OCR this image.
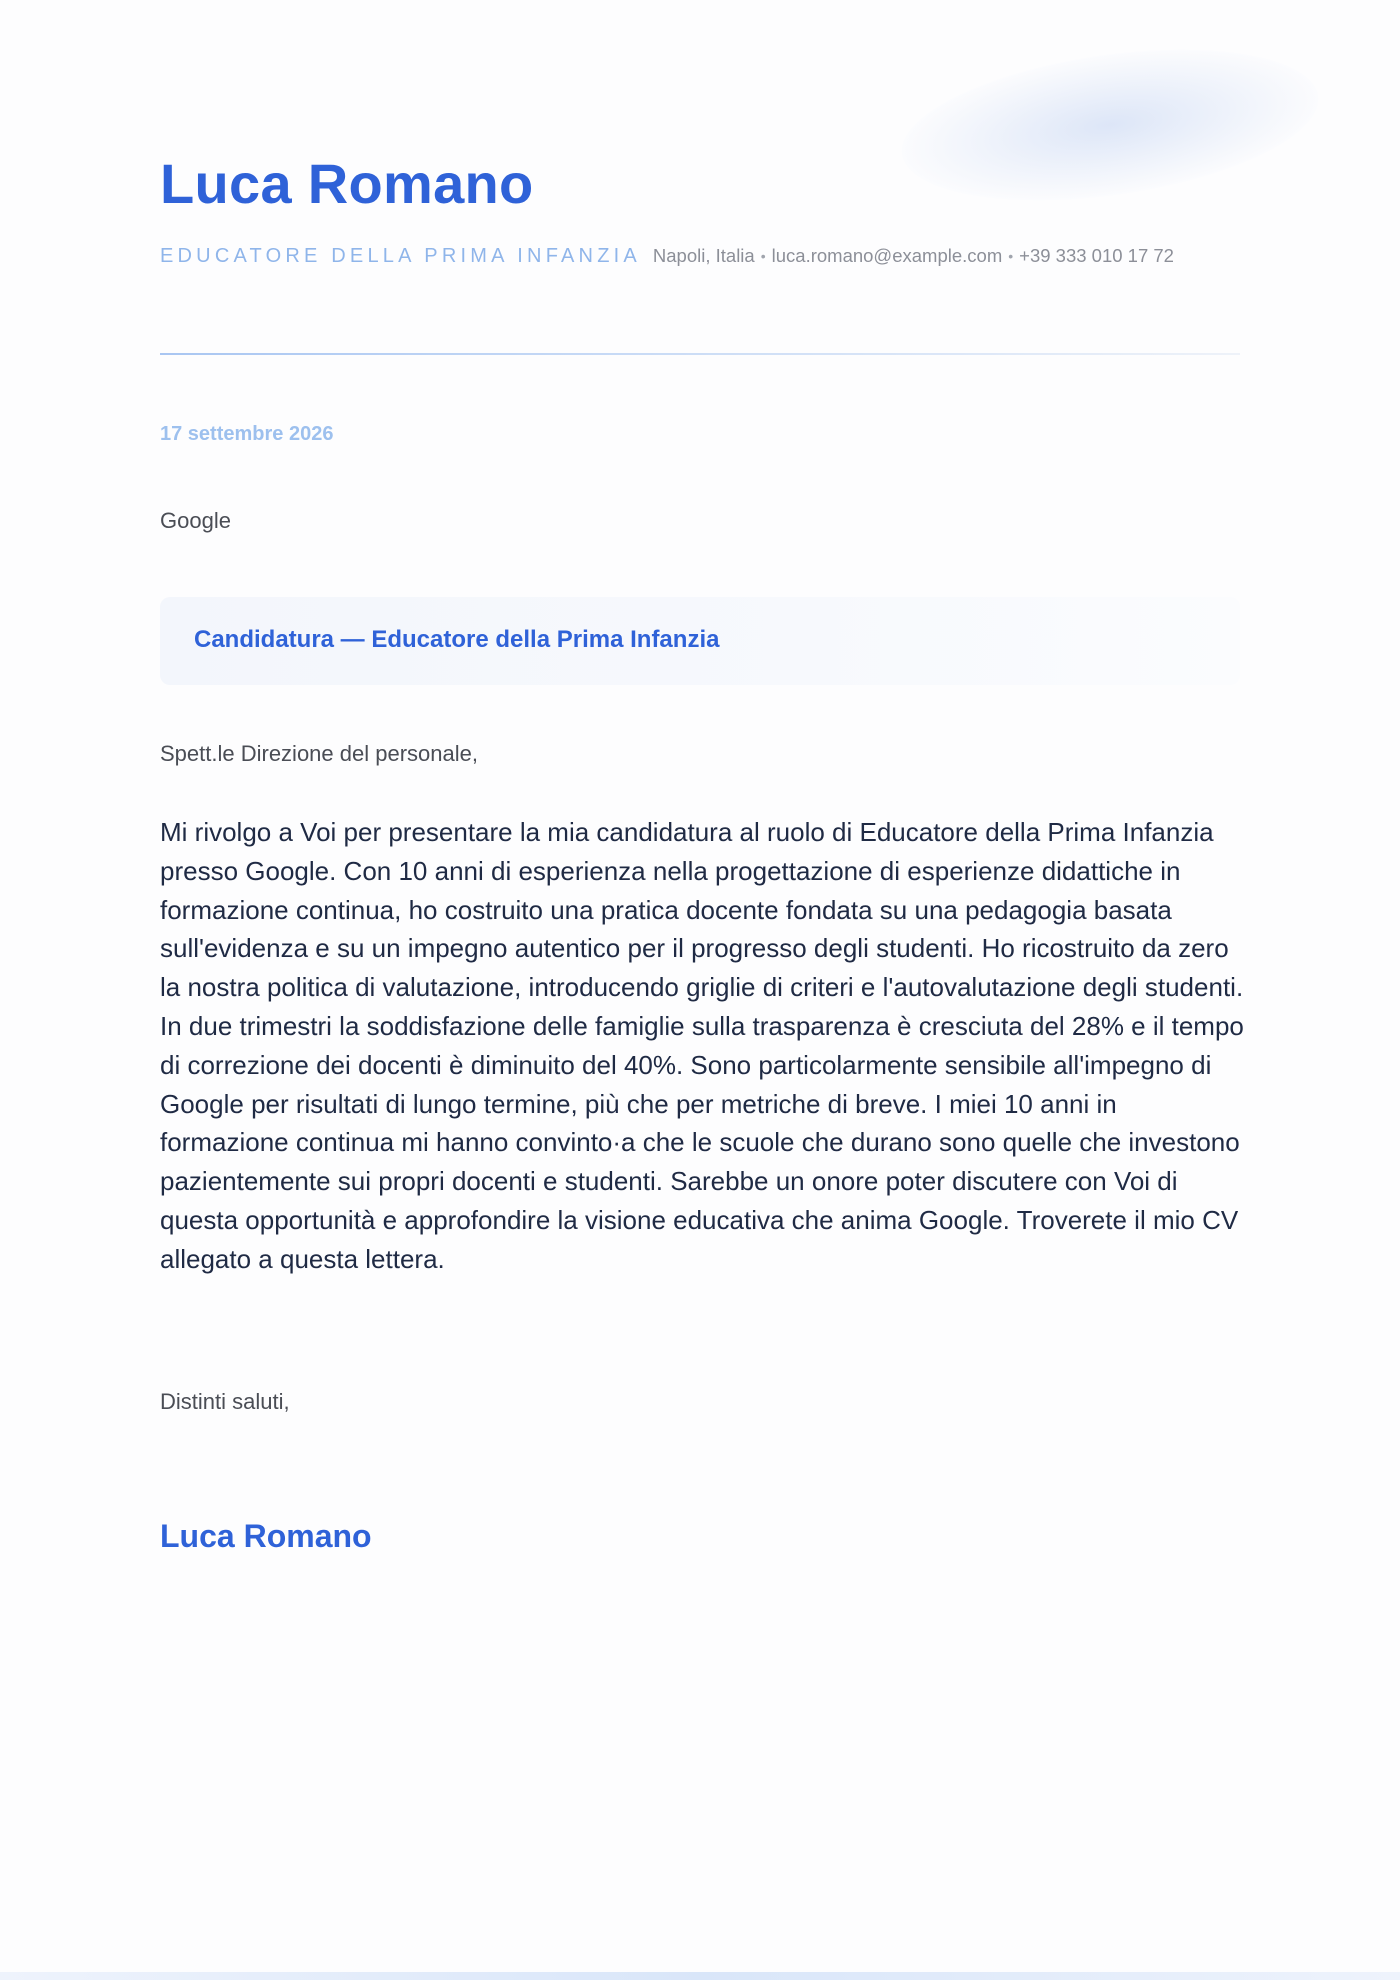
Luca Romano
EDUCATORE DELLA PRIMA INFANZIA Napoli, Italia • luca.romano@example.com • +39 333 010 17 72
17 settembre 2026
Google
Candidatura — Educatore della Prima Infanzia
Spett.le Direzione del personale,

Mi rivolgo a Voi per presentare la mia candidatura al ruolo di Educatore della Prima Infanzia presso Google. Con 10 anni di esperienza nella progettazione di esperienze didattiche in formazione continua, ho costruito una pratica docente fondata su una pedagogia basata sull'evidenza e su un impegno autentico per il progresso degli studenti. Ho ricostruito da zero la nostra politica di valutazione, introducendo griglie di criteri e l'autovalutazione degli studenti. In due trimestri la soddisfazione delle famiglie sulla trasparenza è cresciuta del 28% e il tempo di correzione dei docenti è diminuito del 40%. Sono particolarmente sensibile all'impegno di Google per risultati di lungo termine, più che per metriche di breve. I miei 10 anni in formazione continua mi hanno convinto·a che le scuole che durano sono quelle che investono pazientemente sui propri docenti e studenti. Sarebbe un onore poter discutere con Voi di questa opportunità e approfondire la visione educativa che anima Google. Troverete il mio CV allegato a questa lettera.

Distinti saluti,
Luca Romano
